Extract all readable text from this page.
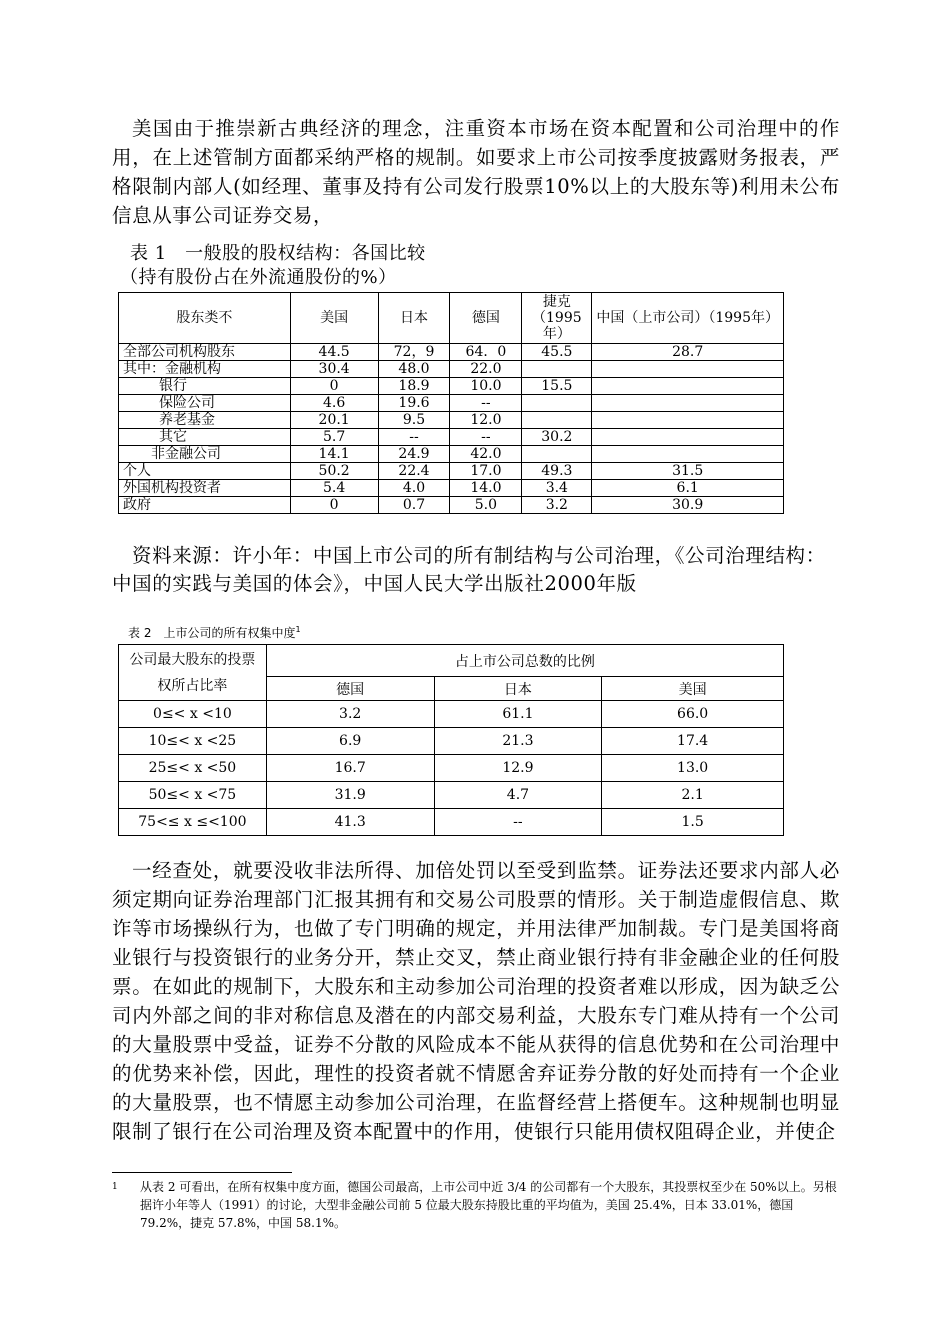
美国由于推崇新古典经济的理念，注重资本市场在资本配置和公司治理中的作用，在上述管制方面都采纳严格的规制。如要求上市公司按季度披露财务报表，严格限制内部人(如经理、董事及持有公司发行股票10%以上的大股东等)利用未公布信息从事公司证券交易，

表 1　一般股的股权结构：各国比较
（持有股份占在外流通股份的%）
股东类不	美国	日本	德国	捷克（1995年）	中国（上市公司）（1995年）
全部公司机构股东	44.5	72，9	64．0	45.5	28.7
其中：金融机构	30.4	48.0	22.0		
银行	0	18.9	10.0	15.5	
保险公司	4.6	19.6	--		
养老基金	20.1	9.5	12.0		
其它	5.7	--	--	30.2	
非金融公司	14.1	24.9	42.0		
个人	50.2	22.4	17.0	49.3	31.5
外国机构投资者	5.4	4.0	14.0	3.4	6.1
政府	0	0.7	5.0	3.2	30.9

资料来源：许小年：中国上市公司的所有制结构与公司治理，《公司治理结构：中国的实践与美国的体会》，中国人民大学出版社2000年版

表 2　上市公司的所有权集中度$^1$
公司最大股东的投票权所占比率	占上市公司总数的比例		
	德国	日本	美国
0≤< x <10	3.2	61.1	66.0
10≤< x <25	6.9	21.3	17.4
25≤< x <50	16.7	12.9	13.0
50≤< x <75	31.9	4.7	2.1
75<≤ x ≤<100	41.3	--	1.5

一经查处，就要没收非法所得、加倍处罚以至受到监禁。证券法还要求内部人必须定期向证券治理部门汇报其拥有和交易公司股票的情形。关于制造虚假信息、欺诈等市场操纵行为，也做了专门明确的规定，并用法律严加制裁。专门是美国将商业银行与投资银行的业务分开，禁止交叉，禁止商业银行持有非金融企业的任何股票。在如此的规制下，大股东和主动参加公司治理的投资者难以形成，因为缺乏公司内外部之间的非对称信息及潜在的内部交易利益，大股东专门难从持有一个公司的大量股票中受益，证券不分散的风险成本不能从获得的信息优势和在公司治理中的优势来补偿，因此，理性的投资者就不情愿舍弃证券分散的好处而持有一个企业的大量股票，也不情愿主动参加公司治理，在监督经营上搭便车。这种规制也明显限制了银行在公司治理及资本配置中的作用，使银行只能用债权阻碍企业，并使企

1 从表 2 可看出，在所有权集中度方面，德国公司最高，上市公司中近 3/4 的公司都有一个大股东，其投票权至少在 50%以上。另根据许小年等人（1991）的讨论，大型非金融公司前 5 位最大股东持股比重的平均值为，美国 25.4%，日本 33.01%，德国 79.2%，捷克 57.8%，中国 58.1%。
